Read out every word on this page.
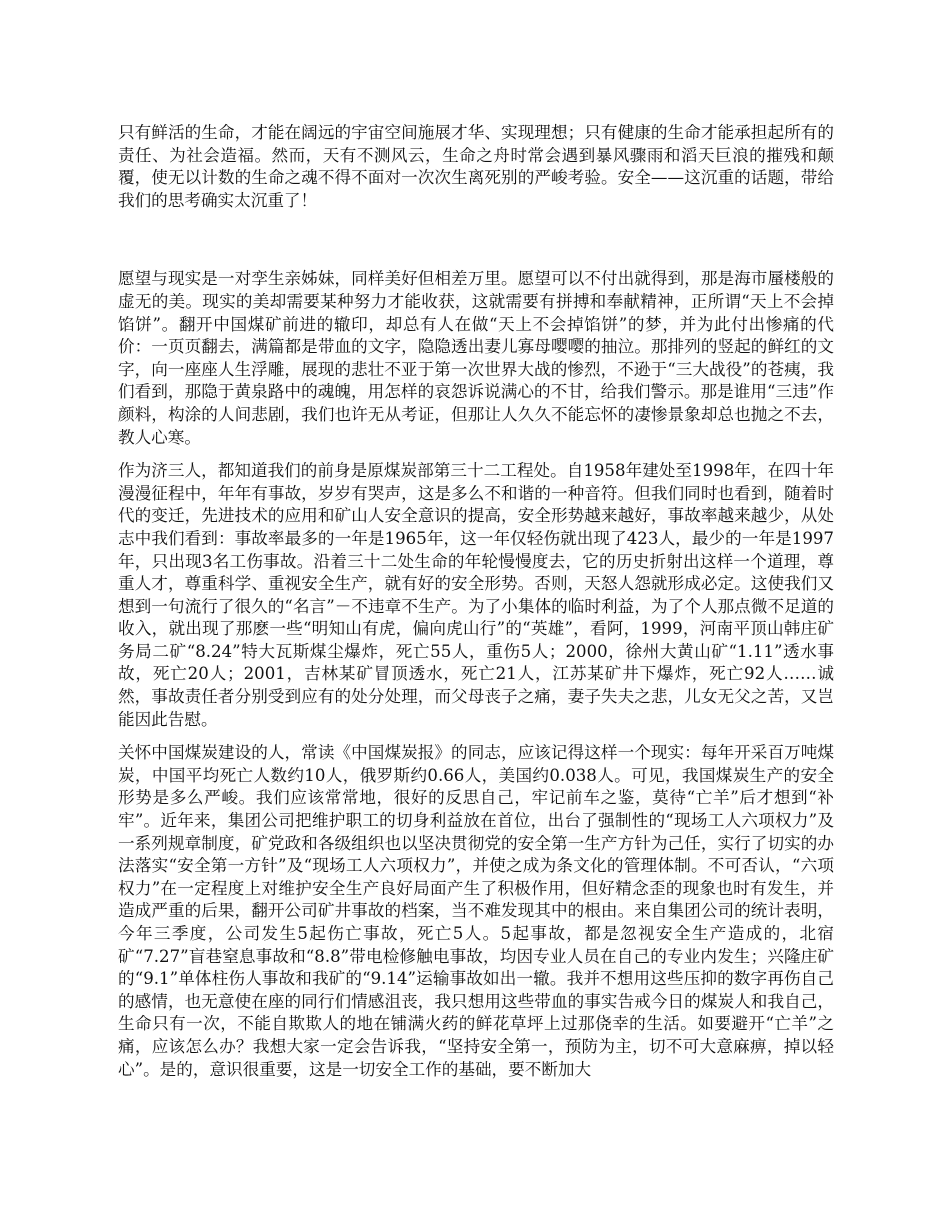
只有鲜活的生命，才能在阔远的宇宙空间施展才华、实现理想；只有健康的生命才能承担起所有的责任、为社会造福。然而，天有不测风云，生命之舟时常会遇到暴风骤雨和滔天巨浪的摧残和颠覆，使无以计数的生命之魂不得不面对一次次生离死别的严峻考验。安全——这沉重的话题，带给我们的思考确实太沉重了！

愿望与现实是一对孪生亲姊妹，同样美好但相差万里。愿望可以不付出就得到，那是海市蜃楼般的虚无的美。现实的美却需要某种努力才能收获，这就需要有拼搏和奉献精神，正所谓“天上不会掉馅饼”。翻开中国煤矿前进的辙印，却总有人在做“天上不会掉馅饼”的梦，并为此付出惨痛的代价：一页页翻去，满篇都是带血的文字，隐隐透出妻儿寡母嘤嘤的抽泣。那排列的竖起的鲜红的文字，向一座座人生浮雕，展现的悲壮不亚于第一次世界大战的惨烈，不逊于“三大战役”的苍痍，我们看到，那隐于黄泉路中的魂魄，用怎样的哀怨诉说满心的不甘，给我们警示。那是谁用“三违”作颜料，构涂的人间悲剧，我们也许无从考证，但那让人久久不能忘怀的凄惨景象却总也抛之不去，教人心寒。

作为济三人，都知道我们的前身是原煤炭部第三十二工程处。自1958年建处至1998年，在四十年漫漫征程中，年年有事故，岁岁有哭声，这是多么不和谐的一种音符。但我们同时也看到，随着时代的变迁，先进技术的应用和矿山人安全意识的提高，安全形势越来越好，事故率越来越少，从处志中我们看到：事故率最多的一年是1965年，这一年仅轻伤就出现了423人，最少的一年是1997年，只出现3名工伤事故。沿着三十二处生命的年轮慢慢度去，它的历史折射出这样一个道理，尊重人才，尊重科学、重视安全生产，就有好的安全形势。否则，天怒人怨就形成必定。这使我们又想到一句流行了很久的“名言”－不违章不生产。为了小集体的临时利益，为了个人那点微不足道的收入，就出现了那麽一些“明知山有虎，偏向虎山行”的“英雄”，看阿，1999，河南平顶山韩庄矿务局二矿“8.24”特大瓦斯煤尘爆炸，死亡55人，重伤5人；2000，徐州大黄山矿“1.11”透水事故，死亡20人；2001，吉林某矿冒顶透水，死亡21人，江苏某矿井下爆炸，死亡92人‥‥‥诚然，事故责任者分别受到应有的处分处理，而父母丧子之痛，妻子失夫之悲，儿女无父之苦，又岂能因此告慰。

关怀中国煤炭建设的人，常读《中国煤炭报》的同志，应该记得这样一个现实：每年开采百万吨煤炭，中国平均死亡人数约10人，俄罗斯约0.66人，美国约0.038人。可见，我国煤炭生产的安全形势是多么严峻。我们应该常常地，很好的反思自己，牢记前车之鉴，莫待“亡羊”后才想到“补牢”。近年来，集团公司把维护职工的切身利益放在首位，出台了强制性的“现场工人六项权力”及一系列规章制度，矿党政和各级组织也以坚决贯彻党的安全第一生产方针为己任，实行了切实的办法落实“安全第一方针”及“现场工人六项权力”，并使之成为条文化的管理体制。不可否认，“六项权力”在一定程度上对维护安全生产良好局面产生了积极作用，但好精念歪的现象也时有发生，并造成严重的后果，翻开公司矿井事故的档案，当不难发现其中的根由。来自集团公司的统计表明，今年三季度，公司发生5起伤亡事故，死亡5人。5起事故，都是忽视安全生产造成的，北宿矿“7.27”盲巷窒息事故和“8.8”带电检修触电事故，均因专业人员在自己的专业内发生；兴隆庄矿的“9.1”单体柱伤人事故和我矿的“9.14”运输事故如出一辙。我并不想用这些压抑的数字再伤自己的感情，也无意使在座的同行们情感沮丧，我只想用这些带血的事实告戒今日的煤炭人和我自己，生命只有一次，不能自欺欺人的地在铺满火药的鲜花草坪上过那侥幸的生活。如要避开“亡羊”之痛，应该怎么办？我想大家一定会告诉我，“坚持安全第一，预防为主，切不可大意麻痹，掉以轻心”。是的，意识很重要，这是一切安全工作的基础，要不断加大
